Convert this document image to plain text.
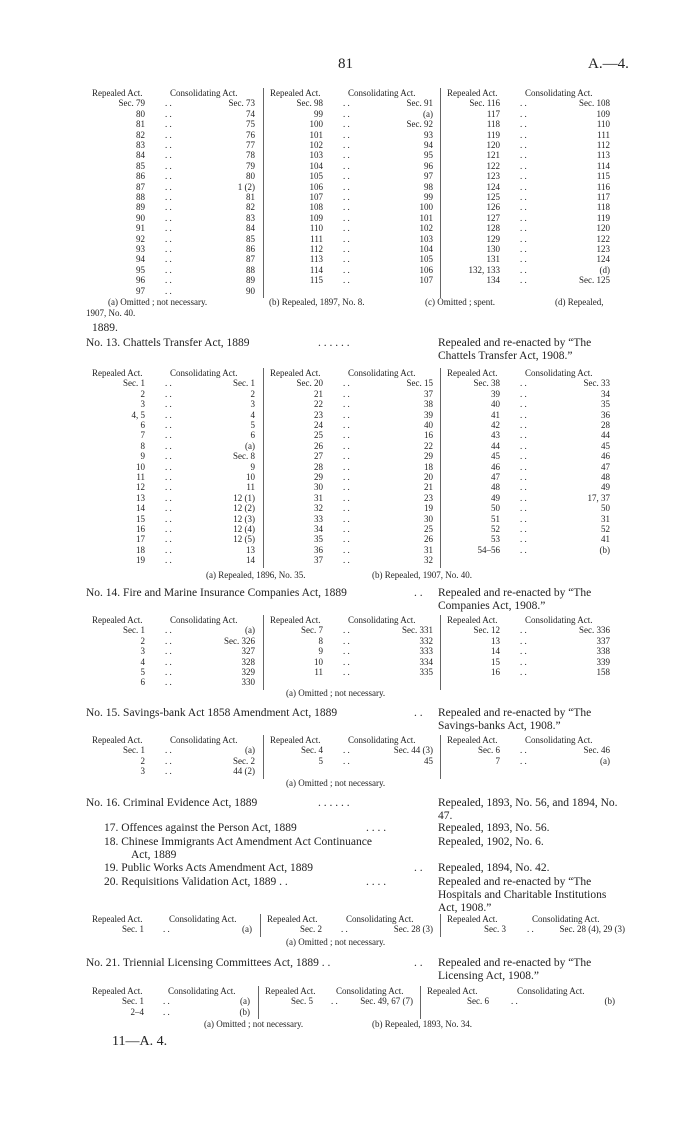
81	A.—4.
Repealed Act.	Consolidating Act.
Sec. 79 . .	Sec. 73
80 . .	74
81 . .	75
82 . .	76
83 . .	77
84 . .	78
85 . .	79
86 . .	80
87 . .	1 (2)
88 . .	81
89 . .	82
90 . .	83
91 . .	84
92 . .	85
93 . .	86
94 . .	87
95 . .	88
96 . .	89
97 . .	90
Repealed Act.	Consolidating Act.
Sec. 98 . .	Sec. 91
99 . .	(a)
100 . .	Sec. 92
101 . .	93
102 . .	94
103 . .	95
104 . .	96
105 . .	97
106 . .	98
107 . .	99
108 . .	100
109 . .	101
110 . .	102
111 . .	103
112 . .	104
113 . .	105
114 . .	106
115 . .	107
Repealed Act.	Consolidating Act.
Sec. 116 . .	Sec. 108
117 . .	109
118 . .	110
119 . .	111
120 . .	112
121 . .	113
122 . .	114
123 . .	115
124 . .	116
125 . .	117
126 . .	118
127 . .	119
128 . .	120
129 . .	122
130 . .	123
131 . .	124
132, 133 . .	(d)
134 . .	Sec. 125
(a) Omitted ; not necessary.	(b) Repealed, 1897, No. 8.	(c) Omitted ; spent.	(d) Repealed,
1907, No. 40.
1889.
No. 13. Chattels Transfer Act, 1889	. . . . . .	Repealed and re-enacted by “The Chattels Transfer Act, 1908.”
Repealed Act.	Consolidating Act.
Sec. 1 . .	Sec. 1
2 . .	2
3 . .	3
4, 5 . .	4
6 . .	5
7 . .	6
8 . .	(a)
9 . .	Sec. 8
10 . .	9
11 . .	10
12 . .	11
13 . .	12 (1)
14 . .	12 (2)
15 . .	12 (3)
16 . .	12 (4)
17 . .	12 (5)
18 . .	13
19 . .	14
Repealed Act.	Consolidating Act.
Sec. 20 . .	Sec. 15
21 . .	37
22 . .	38
23 . .	39
24 . .	40
25 . .	16
26 . .	22
27 . .	29
28 . .	18
29 . .	20
30 . .	21
31 . .	23
32 . .	19
33 . .	30
34 . .	25
35 . .	26
36 . .	31
37 . .	32
Repealed Act.	Consolidating Act.
Sec. 38 . .	Sec. 33
39 . .	34
40 . .	35
41 . .	36
42 . .	28
43 . .	44
44 . .	45
45 . .	46
46 . .	47
47 . .	48
48 . .	49
49 . .	17, 37
50 . .	50
51 . .	31
52 . .	52
53 . .	41
54–56 . .	(b)
(a) Repealed, 1896, No. 35.	(b) Repealed, 1907, No. 40.
No. 14. Fire and Marine Insurance Companies Act, 1889	. . Repealed and re-enacted by “The Companies Act, 1908.”
Repealed Act.	Consolidating Act.
Sec. 1 . .	(a)
2 . .	Sec. 326
3 . .	327
4 . .	328
5 . .	329
6 . .	330
Repealed Act.	Consolidating Act.
Sec. 7 . .	Sec. 331
8 . .	332
9 . .	333
10 . .	334
11 . .	335
Repealed Act.	Consolidating Act.
Sec. 12 . .	Sec. 336
13 . .	337
14 . .	338
15 . .	339
16 . .	158
(a) Omitted ; not necessary.
No. 15. Savings-bank Act 1858 Amendment Act, 1889	. . Repealed and re-enacted by “The Savings-banks Act, 1908.”
Repealed Act.	Consolidating Act.
Sec. 1 . .	(a)
2 . .	Sec. 2
3 . .	44 (2)
Repealed Act.	Consolidating Act.
Sec. 4 . .	Sec. 44 (3)
5 . .	45
Repealed Act.	Consolidating Act.
Sec. 6 . .	Sec. 46
7 . .	(a)
(a) Omitted ; not necessary.
No. 16. Criminal Evidence Act, 1889	. . . . . .	Repealed, 1893, No. 56, and 1894, No. 47.
17. Offences against the Person Act, 1889	. . . .	Repealed, 1893, No. 56.
18. Chinese Immigrants Act Amendment Act Continuance
Act, 1889
Repealed, 1902, No. 6.
19. Public Works Acts Amendment Act, 1889	. . Repealed, 1894, No. 42.
20. Requisitions Validation Act, 1889 . .	. . . .	Repealed and re-enacted by “The Hospitals and Charitable Institutions Act, 1908.”
Repealed Act.	Consolidating Act.
Sec. 1 . .	(a)
Repealed Act.	Consolidating Act.
Sec. 2 . .	Sec. 28 (3)
Repealed Act.	Consolidating Act.
Sec. 3 . .	Sec. 28 (4), 29 (3)
(a) Omitted ; not necessary.
No. 21. Triennial Licensing Committees Act, 1889 . .	. . Repealed and re-enacted by “The Licensing Act, 1908.”
Repealed Act.	Consolidating Act.
Sec. 1 . .	(a)
2–4 . .	(b)
Repealed Act. Consolidating Act.
Sec. 5 . .	Sec. 49, 67 (7)
Repealed Act.	Consolidating Act.
Sec. 6 . .	(b)
(a) Omitted ; not necessary.	(b) Repealed, 1893, No. 34.
11—A. 4.
